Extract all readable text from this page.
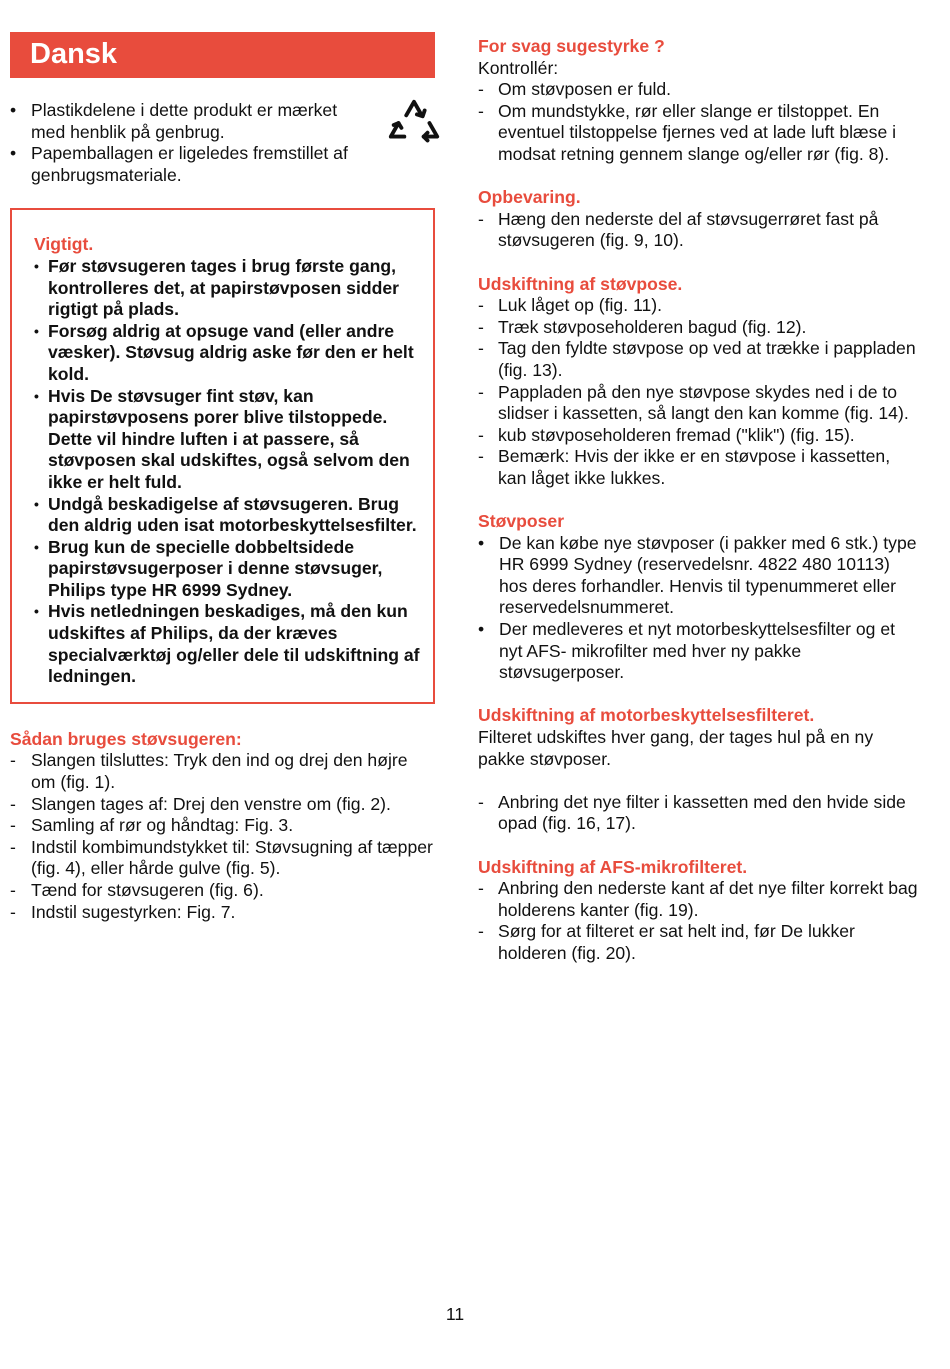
Dansk
• Plastikdelene i dette produkt er mærket med henblik på genbrug.
• Papemballagen er ligeledes fremstillet af genbrugsmateriale.
Vigtigt.
• Før støvsugeren tages i brug første gang, kontrolleres det, at papirstøvposen sidder rigtigt på plads.
• Forsøg aldrig at opsuge vand (eller andre væsker). Støvsug aldrig aske før den er helt kold.
• Hvis De støvsuger fint støv, kan papirstøvposens porer blive tilstoppede. Dette vil hindre luften i at passere, så støvposen skal udskiftes, også selvom den ikke er helt fuld.
• Undgå beskadigelse af støvsugeren. Brug den aldrig uden isat motorbeskyttelsesfilter.
• Brug kun de specielle dobbeltsidede papirstøvsugerposer i denne støvsuger, Philips type HR 6999 Sydney.
• Hvis netledningen beskadiges, må den kun udskiftes af Philips, da der kræves specialværktøj og/eller dele til udskiftning af ledningen.
Sådan bruges støvsugeren:
- Slangen tilsluttes: Tryk den ind og drej den højre om (fig. 1).
- Slangen tages af: Drej den venstre om (fig. 2).
- Samling af rør og håndtag: Fig. 3.
- Indstil kombimundstykket til: Støvsugning af tæpper (fig. 4), eller hårde gulve (fig. 5).
- Tænd for støvsugeren (fig. 6).
- Indstil sugestyrken: Fig. 7.
For svag sugestyrke ?
Kontrollér:
- Om støvposen er fuld.
- Om mundstykke, rør eller slange er tilstoppet. En eventuel tilstoppelse fjernes ved at lade luft blæse i modsat retning gennem slange og/eller rør (fig. 8).
Opbevaring.
- Hæng den nederste del af støvsugerrøret fast på støvsugeren (fig. 9, 10).
Udskiftning af støvpose.
- Luk låget op (fig. 11).
- Træk støvposeholderen bagud (fig. 12).
- Tag den fyldte støvpose op ved at trække i pappladen (fig. 13).
- Pappladen på den nye støvpose skydes ned i de to slidser i kassetten, så langt den kan komme (fig. 14).
- kub støvposeholderen fremad ("klik") (fig. 15).
- Bemærk: Hvis der ikke er en støvpose i kassetten, kan låget ikke lukkes.
Støvposer
• De kan købe nye støvposer (i pakker med 6 stk.) type HR 6999 Sydney (reservedelsnr. 4822 480 10113) hos deres forhandler. Henvis til typenummeret eller reservedelsnummeret.
• Der medleveres et nyt motorbeskyttelsesfilter og et nyt AFS- mikrofilter med hver ny pakke støvsugerposer.
Udskiftning af motorbeskyttelsesfilteret.
Filteret udskiftes hver gang, der tages hul på en ny pakke støvposer.
- Anbring det nye filter i kassetten med den hvide side opad (fig. 16, 17).
Udskiftning af AFS-mikrofilteret.
- Anbring den nederste kant af det nye filter korrekt bag holderens kanter (fig. 19).
- Sørg for at filteret er sat helt ind, før De lukker holderen (fig. 20).
11
